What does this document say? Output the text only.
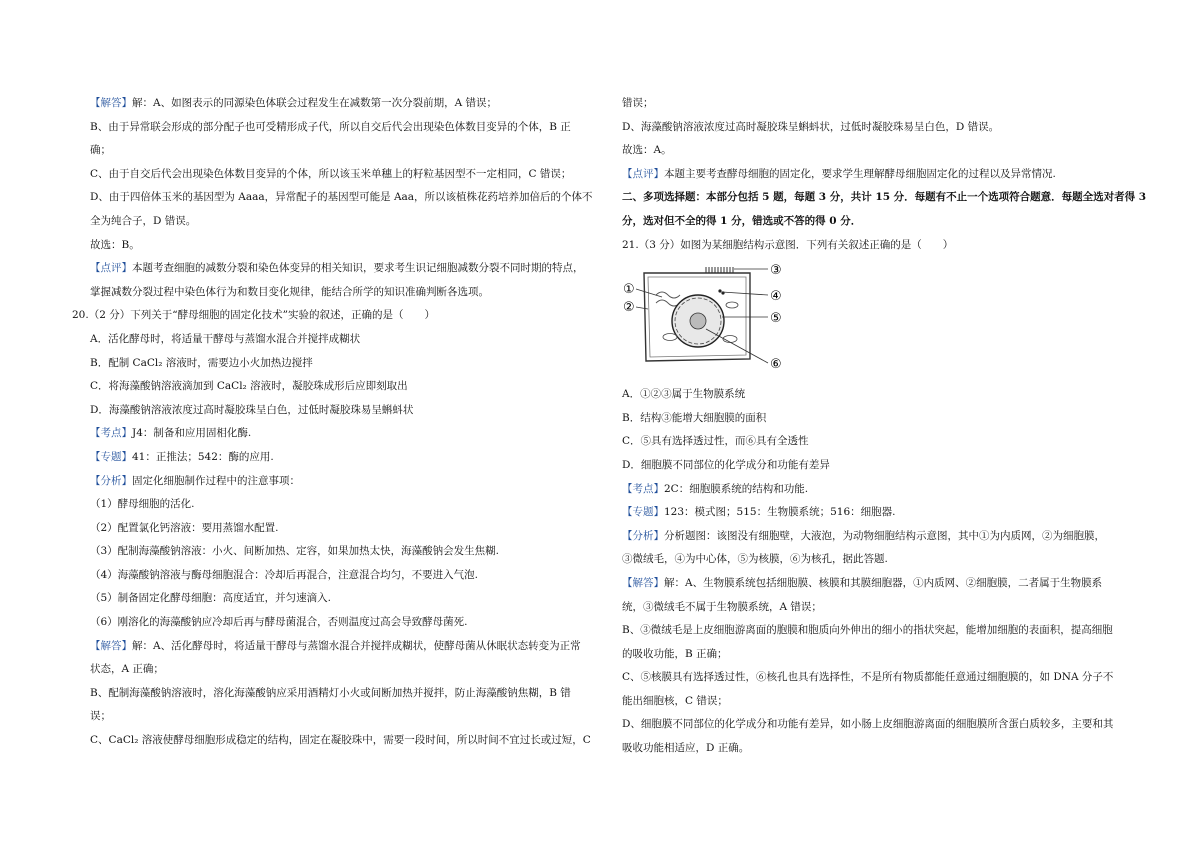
【解答】解：A、如图表示的同源染色体联会过程发生在减数第一次分裂前期，A 错误；
B、由于异常联会形成的部分配子也可受精形成子代，所以自交后代会出现染色体数目变异的个体，B 正
确；
C、由于自交后代会出现染色体数目变异的个体，所以该玉米单穗上的籽粒基因型不一定相同，C 错误；
D、由于四倍体玉米的基因型为 Aaaa，异常配子的基因型可能是 Aaa，所以该植株花药培养加倍后的个体不
全为纯合子，D 错误。
故选：B。
【点评】本题考查细胞的减数分裂和染色体变异的相关知识，要求考生识记细胞减数分裂不同时期的特点，
掌握减数分裂过程中染色体行为和数目变化规律，能结合所学的知识准确判断各选项。
20.（2 分）下列关于“酵母细胞的固定化技术”实验的叙述，正确的是（　　）
A．活化酵母时，将适量干酵母与蒸馏水混合并搅拌成糊状
B．配制 CaCl₂ 溶液时，需要边小火加热边搅拌
C．将海藻酸钠溶液滴加到 CaCl₂ 溶液时，凝胶珠成形后应即刻取出
D．海藻酸钠溶液浓度过高时凝胶珠呈白色，过低时凝胶珠易呈蝌蚪状
【考点】J4：制备和应用固相化酶.
【专题】41：正推法；542：酶的应用.
【分析】固定化细胞制作过程中的注意事项：
（1）酵母细胞的活化.
（2）配置氯化钙溶液：要用蒸馏水配置.
（3）配制海藻酸钠溶液：小火、间断加热、定容，如果加热太快，海藻酸钠会发生焦糊.
（4）海藻酸钠溶液与酶母细胞混合：冷却后再混合，注意混合均匀，不要进入气泡.
（5）制备固定化酵母细胞：高度适宜，并匀速滴入.
（6）刚溶化的海藻酸钠应冷却后再与酵母菌混合，否则温度过高会导致酵母菌死.
【解答】解：A、活化酵母时，将适量干酵母与蒸馏水混合并搅拌成糊状，使酵母菌从休眠状态转变为正常
状态，A 正确；
B、配制海藻酸钠溶液时，溶化海藻酸钠应采用酒精灯小火或间断加热并搅拌，防止海藻酸钠焦糊，B 错
误；
C、CaCl₂ 溶液使酵母细胞形成稳定的结构，固定在凝胶珠中，需要一段时间，所以时间不宜过长或过短，C
错误；
D、海藻酸钠溶液浓度过高时凝胶珠呈蝌蚪状，过低时凝胶珠易呈白色，D 错误。
故选：A。
【点评】本题主要考查酵母细胞的固定化，要求学生理解酵母细胞固定化的过程以及异常情况.
二、多项选择题：本部分包括 5 题，每题 3 分，共计 15 分．每题有不止一个选项符合题意．每题全选对者得 3
分，选对但不全的得 1 分，错选或不答的得 0 分．
21.（3 分）如图为某细胞结构示意图．下列有关叙述正确的是（　　）
①
②
③
④
⑤
⑥
A．①②③属于生物膜系统
B．结构③能增大细胞膜的面积
C．⑤具有选择透过性，而⑥具有全透性
D．细胞膜不同部位的化学成分和功能有差异
【考点】2C：细胞膜系统的结构和功能.
【专题】123：模式图；515：生物膜系统；516：细胞器.
【分析】分析题图：该图没有细胞壁，大液泡，为动物细胞结构示意图，其中①为内质网，②为细胞膜，
③微绒毛，④为中心体，⑤为核膜，⑥为核孔，据此答题.
【解答】解：A、生物膜系统包括细胞膜、核膜和其膜细胞器，①内质网、②细胞膜，二者属于生物膜系
统，③微绒毛不属于生物膜系统，A 错误；
B、③微绒毛是上皮细胞游离面的胞膜和胞质向外伸出的细小的指状突起，能增加细胞的表面积，提高细胞
的吸收功能，B 正确；
C、⑤核膜具有选择透过性，⑥核孔也具有选择性，不是所有物质都能任意通过细胞膜的，如 DNA 分子不
能出细胞核，C 错误；
D、细胞膜不同部位的化学成分和功能有差异，如小肠上皮细胞游离面的细胞膜所含蛋白质较多，主要和其
吸收功能相适应，D 正确。
